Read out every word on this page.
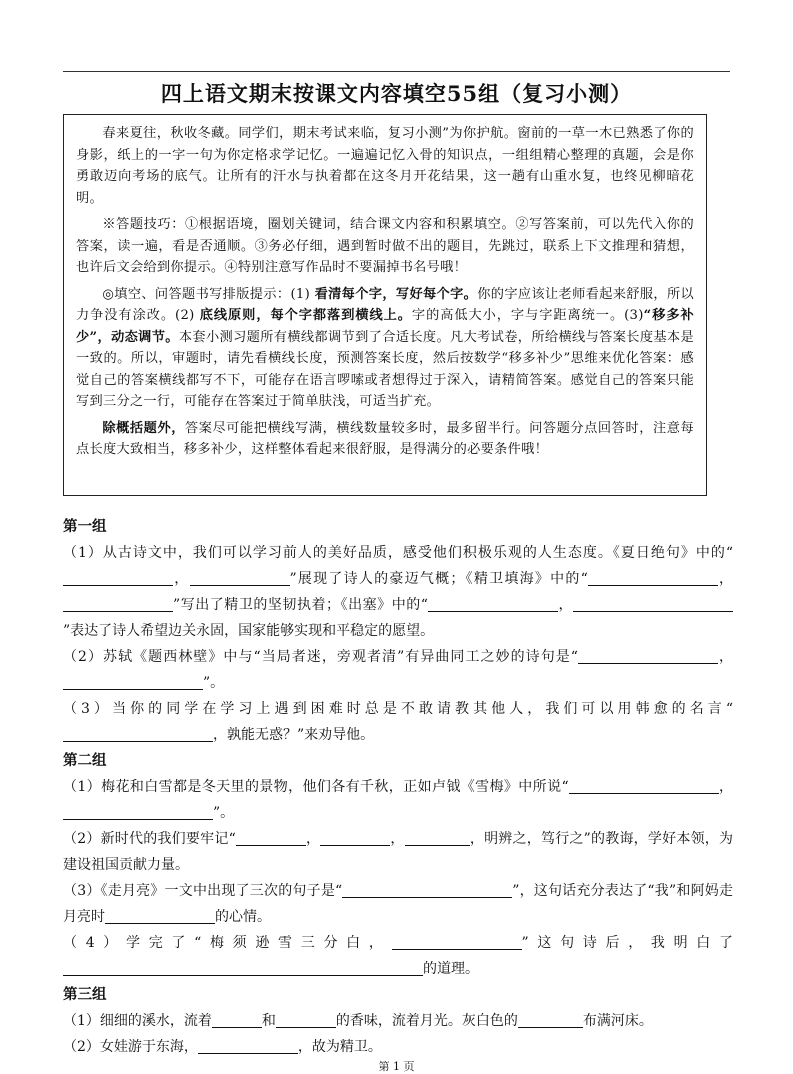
四上语文期末按课文内容填空55组（复习小测）

春来夏往，秋收冬藏。同学们，期末考试来临，复习小测”为你护航。窗前的一草一木已熟悉了你的身影，纸上的一字一句为你定格求学记忆。一遍遍记忆入骨的知识点，一组组精心整理的真题，会是你勇敢迈向考场的底气。让所有的汗水与执着都在这冬月开花结果，这一趟有山重水复，也终见柳暗花明。

※答题技巧：①根据语境，圈划关键词，结合课文内容和积累填空。②写答案前，可以先代入你的答案，读一遍，看是否通顺。③务必仔细，遇到暂时做不出的题目，先跳过，联系上下文推理和猜想，也许后文会给到你提示。④特别注意写作品时不要漏掉书名号哦！

◎填空、问答题书写排版提示：(1) 看清每个字，写好每个字。你的字应该让老师看起来舒服，所以力争没有涂改。(2) 底线原则，每个字都落到横线上。字的高低大小，字与字距离统一。(3)“移多补少”，动态调节。本套小测习题所有横线都调节到了合适长度。凡大考试卷，所给横线与答案长度基本是一致的。所以，审题时，请先看横线长度，预测答案长度，然后按数学“移多补少”思维来优化答案：感觉自己的答案横线都写不下，可能存在语言啰嗦或者想得过于深入，请精简答案。感觉自己的答案只能写到三分之一行，可能存在答案过于简单肤浅，可适当扩充。

除概括题外，答案尽可能把横线写满，横线数量较多时，最多留半行。问答题分点回答时，注意每点长度大致相当，移多补少，这样整体看起来很舒服，是得满分的必要条件哦！

第一组

（1）从古诗文中，我们可以学习前人的美好品质，感受他们积极乐观的人生态度。《夏日绝句》中的“，	”展现了诗人的豪迈气概；《精卫填海》中的“	，”写出了精卫的坚韧执着；《出塞》中的“	，”表达了诗人希望边关永固，国家能够实现和平稳定的愿望。

（2）苏轼《题西林壁》中与“当局者迷，旁观者清”有异曲同工之妙的诗句是“	，”。

（3）当你的同学在学习上遇到困难时总是不敢请教其他人，我们可以用韩愈的名言“，孰能无惑？”来劝导他。

第二组

（1）梅花和白雪都是冬天里的景物，他们各有千秋，正如卢钺《雪梅》中所说“	，”。

（2）新时代的我们要牢记“	，	，	，明辨之，笃行之”的教诲，学好本领，为建设祖国贡献力量。

（3）《走月亮》一文中出现了三次的句子是“	”，这句话充分表达了“我”和阿妈走月亮时	的心情。

（4）学完了“梅须逊雪三分白，	”这句诗后，我明白了的道理。

第三组

（1）细细的溪水，流着	和	的香味，流着月光。灰白色的	布满河床。

（2）女娃游于东海，	，故为精卫。

第 1 页
